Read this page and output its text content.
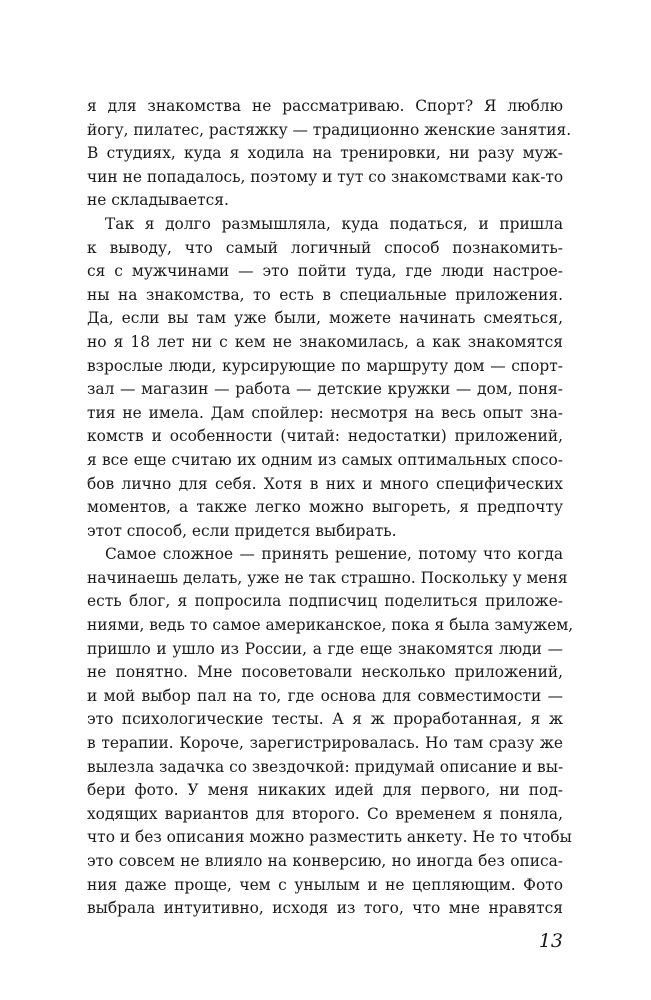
я для знакомства не рассматриваю. Спорт? Я люблю
йогу, пилатес, растяжку — традиционно женские занятия.
В студиях, куда я ходила на тренировки, ни разу муж-
чин не попадалось, поэтому и тут со знакомствами как-то
не складывается.
Так я долго размышляла, куда податься, и пришла
к выводу, что самый логичный способ познакомить-
ся с мужчинами — это пойти туда, где люди настрое-
ны на знакомства, то есть в специальные приложения.
Да, если вы там уже были, можете начинать смеяться,
но я 18 лет ни с кем не знакомилась, а как знакомятся
взрослые люди, курсирующие по маршруту дом — спорт-
зал — магазин — работа — детские кружки — дом, поня-
тия не имела. Дам спойлер: несмотря на весь опыт зна-
комств и особенности (читай: недостатки) приложений,
я все еще считаю их одним из самых оптимальных спосо-
бов лично для себя. Хотя в них и много специфических
моментов, а также легко можно выгореть, я предпочту
этот способ, если придется выбирать.
Самое сложное — принять решение, потому что когда
начинаешь делать, уже не так страшно. Поскольку у меня
есть блог, я попросила подписчиц поделиться приложе-
ниями, ведь то самое американское, пока я была замужем,
пришло и ушло из России, а где еще знакомятся люди —
не понятно. Мне посоветовали несколько приложений,
и мой выбор пал на то, где основа для совместимости —
это психологические тесты. А я ж проработанная, я ж
в терапии. Короче, зарегистрировалась. Но там сразу же
вылезла задачка со звездочкой: придумай описание и вы-
бери фото. У меня никаких идей для первого, ни под-
ходящих вариантов для второго. Со временем я поняла,
что и без описания можно разместить анкету. Не то чтобы
это совсем не влияло на конверсию, но иногда без описа-
ния даже проще, чем с унылым и не цепляющим. Фото
выбрала интуитивно, исходя из того, что мне нравятся
13
